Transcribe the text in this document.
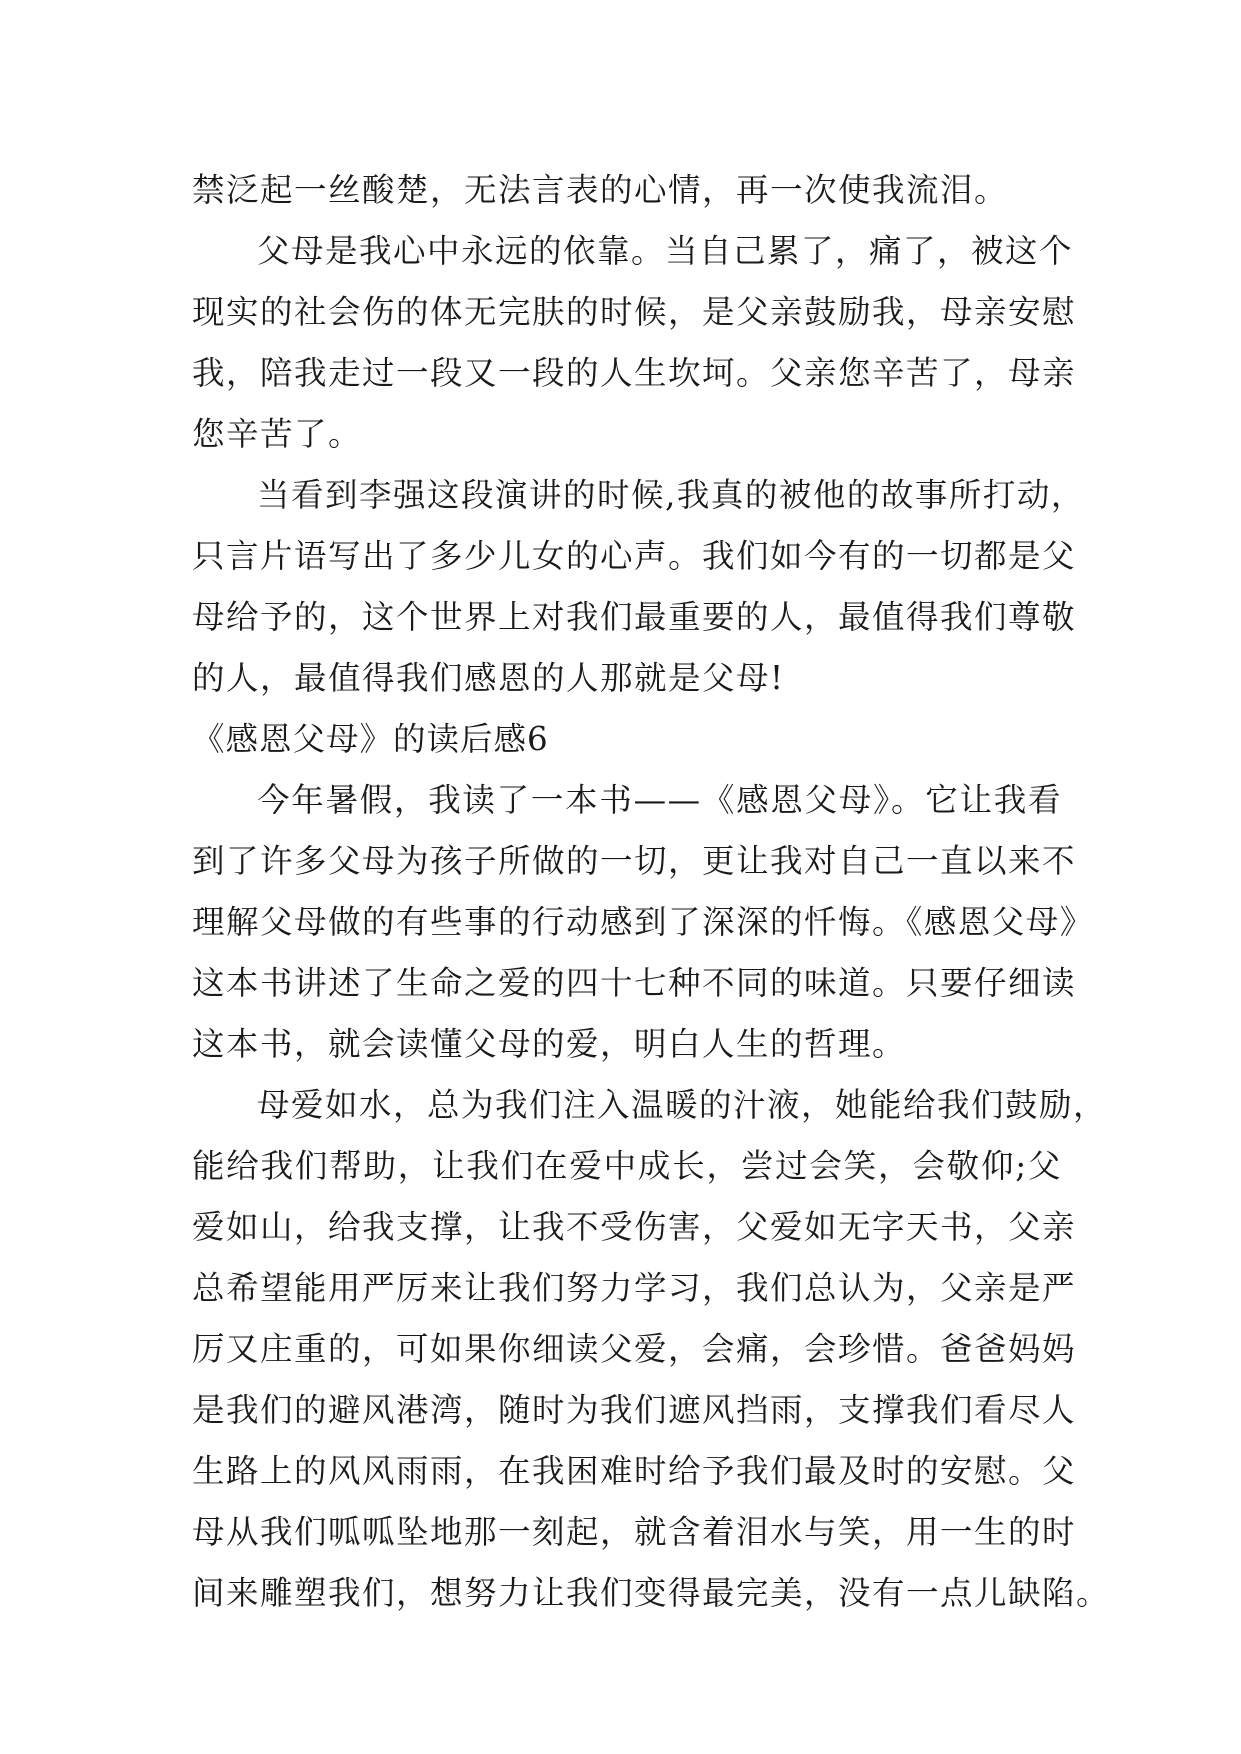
禁泛起一丝酸楚，无法言表的心情，再一次使我流泪。

父母是我心中永远的依靠。当自己累了，痛了，被这个

现实的社会伤的体无完肤的时候，是父亲鼓励我，母亲安慰

我，陪我走过一段又一段的人生坎坷。父亲您辛苦了，母亲

您辛苦了。

当看到李强这段演讲的时候,我真的被他的故事所打动，

只言片语写出了多少儿女的心声。我们如今有的一切都是父

母给予的，这个世界上对我们最重要的人，最值得我们尊敬

的人，最值得我们感恩的人那就是父母!

《感恩父母》的读后感6

今年暑假，我读了一本书——《感恩父母》。它让我看

到了许多父母为孩子所做的一切，更让我对自己一直以来不

理解父母做的有些事的行动感到了深深的忏悔。《感恩父母》

这本书讲述了生命之爱的四十七种不同的味道。只要仔细读

这本书，就会读懂父母的爱，明白人生的哲理。

母爱如水，总为我们注入温暖的汁液，她能给我们鼓励，

能给我们帮助，让我们在爱中成长，尝过会笑，会敬仰;父

爱如山，给我支撑，让我不受伤害，父爱如无字天书，父亲

总希望能用严厉来让我们努力学习，我们总认为，父亲是严

厉又庄重的，可如果你细读父爱，会痛，会珍惜。爸爸妈妈

是我们的避风港湾，随时为我们遮风挡雨，支撑我们看尽人

生路上的风风雨雨，在我困难时给予我们最及时的安慰。父

母从我们呱呱坠地那一刻起，就含着泪水与笑，用一生的时

间来雕塑我们，想努力让我们变得最完美，没有一点儿缺陷。
